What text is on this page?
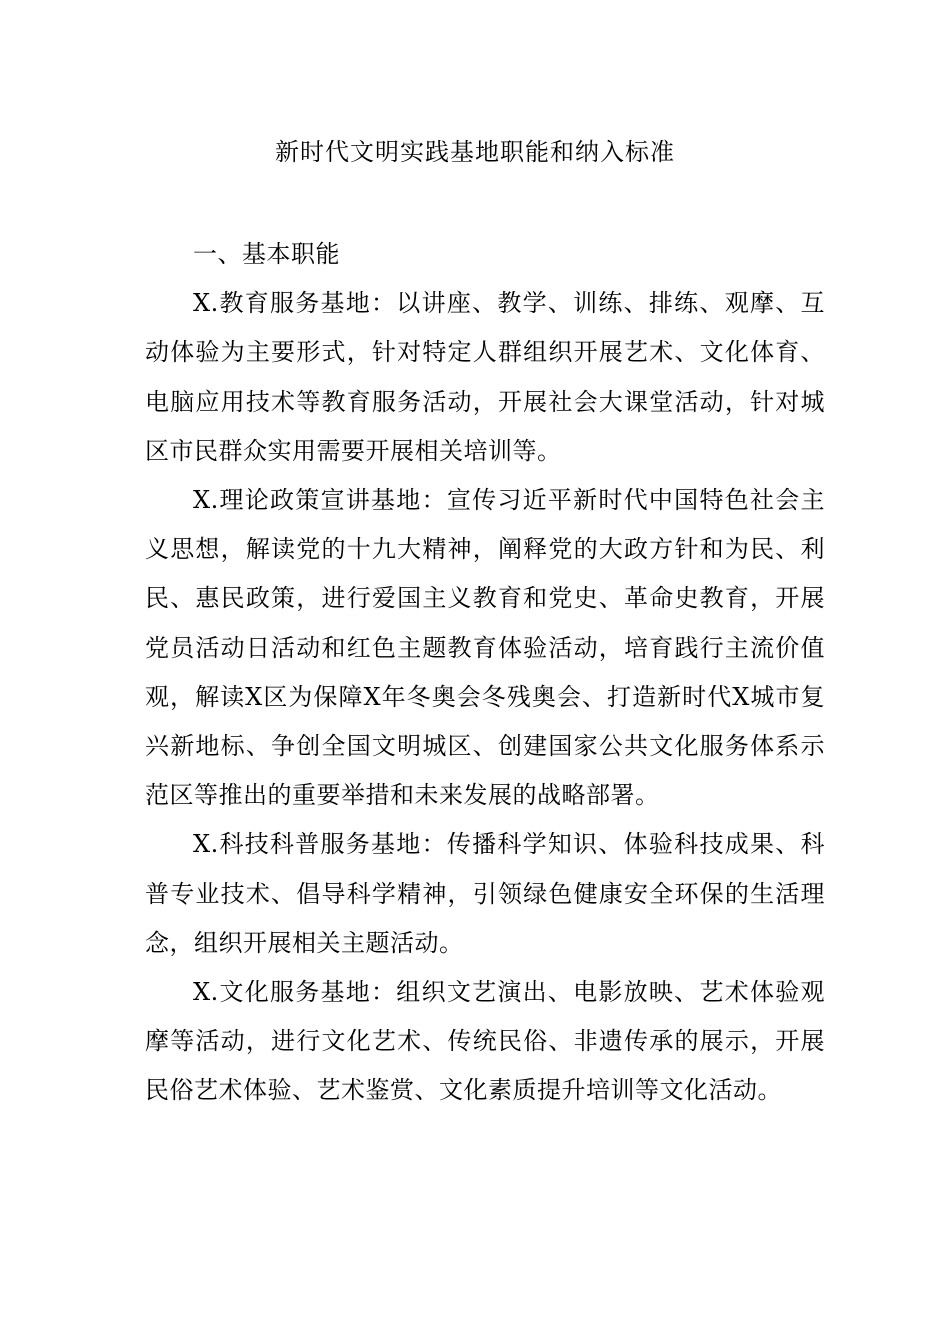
新时代文明实践基地职能和纳入标准

一、基本职能

X.教育服务基地：以讲座、教学、训练、排练、观摩、互动体验为主要形式，针对特定人群组织开展艺术、文化体育、电脑应用技术等教育服务活动，开展社会大课堂活动，针对城区市民群众实用需要开展相关培训等。

X.理论政策宣讲基地：宣传习近平新时代中国特色社会主义思想，解读党的十九大精神，阐释党的大政方针和为民、利民、惠民政策，进行爱国主义教育和党史、革命史教育，开展党员活动日活动和红色主题教育体验活动，培育践行主流价值观，解读X区为保障X年冬奥会冬残奥会、打造新时代X城市复兴新地标、争创全国文明城区、创建国家公共文化服务体系示范区等推出的重要举措和未来发展的战略部署。

X.科技科普服务基地：传播科学知识、体验科技成果、科普专业技术、倡导科学精神，引领绿色健康安全环保的生活理念，组织开展相关主题活动。

X.文化服务基地：组织文艺演出、电影放映、艺术体验观摩等活动，进行文化艺术、传统民俗、非遗传承的展示，开展民俗艺术体验、艺术鉴赏、文化素质提升培训等文化活动。
